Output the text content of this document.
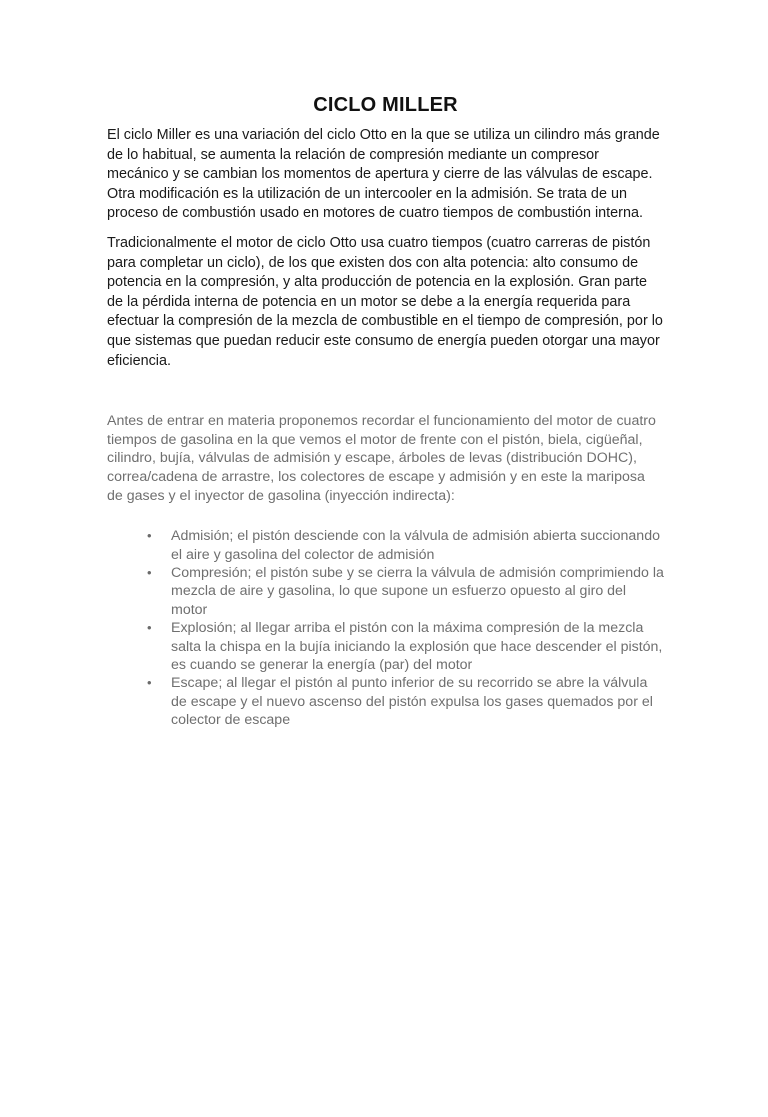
CICLO MILLER

El ciclo Miller es una variación del ciclo Otto en la que se utiliza un cilindro más grande de lo habitual, se aumenta la relación de compresión mediante un compresor mecánico y se cambian los momentos de apertura y cierre de las válvulas de escape. Otra modificación es la utilización de un intercooler en la admisión. Se trata de un proceso de combustión usado en motores de cuatro tiempos de combustión interna.

Tradicionalmente el motor de ciclo Otto usa cuatro tiempos (cuatro carreras de pistón para completar un ciclo), de los que existen dos con alta potencia: alto consumo de potencia en la compresión, y alta producción de potencia en la explosión. Gran parte de la pérdida interna de potencia en un motor se debe a la energía requerida para efectuar la compresión de la mezcla de combustible en el tiempo de compresión, por lo que sistemas que puedan reducir este consumo de energía pueden otorgar una mayor eficiencia.

Antes de entrar en materia proponemos recordar el funcionamiento del motor de cuatro tiempos de gasolina en la que vemos el motor de frente con el pistón, biela, cigüeñal, cilindro, bujía, válvulas de admisión y escape, árboles de levas (distribución DOHC), correa/cadena de arrastre, los colectores de escape y admisión y en este la mariposa de gases y el inyector de gasolina (inyección indirecta):

• Admisión; el pistón desciende con la válvula de admisión abierta succionando el aire y gasolina del colector de admisión
• Compresión; el pistón sube y se cierra la válvula de admisión comprimiendo la mezcla de aire y gasolina, lo que supone un esfuerzo opuesto al giro del motor
• Explosión; al llegar arriba el pistón con la máxima compresión de la mezcla salta la chispa en la bujía iniciando la explosión que hace descender el pistón, es cuando se generar la energía (par) del motor
• Escape; al llegar el pistón al punto inferior de su recorrido se abre la válvula de escape y el nuevo ascenso del pistón expulsa los gases quemados por el colector de escape
